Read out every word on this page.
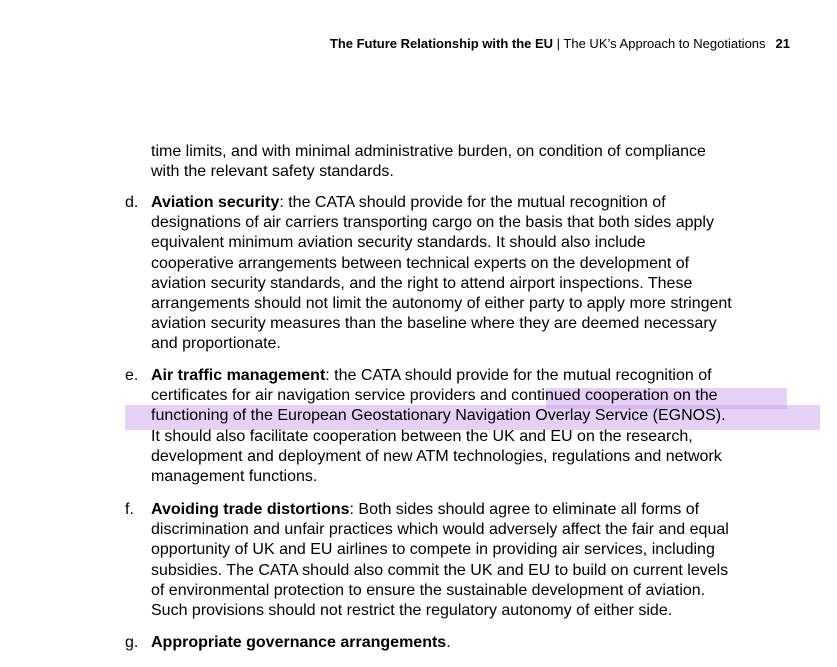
The Future Relationship with the EU | The UK’s Approach to Negotiations 21
time limits, and with minimal administrative burden, on condition of compliance
with the relevant safety standards.
d. Aviation security: the CATA should provide for the mutual recognition of
designations of air carriers transporting cargo on the basis that both sides apply
equivalent minimum aviation security standards. It should also include
cooperative arrangements between technical experts on the development of
aviation security standards, and the right to attend airport inspections. These
arrangements should not limit the autonomy of either party to apply more stringent
aviation security measures than the baseline where they are deemed necessary
and proportionate.
e. Air traffic management: the CATA should provide for the mutual recognition of
certificates for air navigation service providers and continued cooperation on the
functioning of the European Geostationary Navigation Overlay Service (EGNOS).
It should also facilitate cooperation between the UK and EU on the research,
development and deployment of new ATM technologies, regulations and network
management functions.
f. Avoiding trade distortions: Both sides should agree to eliminate all forms of
discrimination and unfair practices which would adversely affect the fair and equal
opportunity of UK and EU airlines to compete in providing air services, including
subsidies. The CATA should also commit the UK and EU to build on current levels
of environmental protection to ensure the sustainable development of aviation.
Such provisions should not restrict the regulatory autonomy of either side.
g. Appropriate governance arrangements.
